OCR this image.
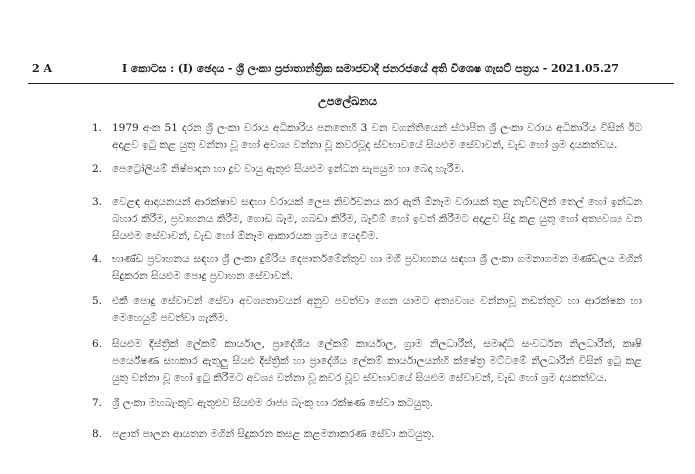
2 A	I කොටස : (I) ඡෙදය - ශ්‍රී ලංකා ප්‍රජාතාන්ත්‍රික සමාජවාදී ජනරජයේ අති විශෙෂ ගැසට් පත්‍රය - 2021.05.27
උපලේඛනය
1. 1979 අංක 51 දරන ශ්‍රී ලංකා වරාය අධිකාරිය පනතෙහි 3 වන වගන්තියෙන් ස්ථාපිත ශ්‍රී ලංකා වරාය අධිකාරිය විසින් ඊට අදාළව ඉටු කළ යුතු වන්නා වූ හෝ අවශ්‍ය වන්නා වූ කවරවූද ස්වභාවයේ සියළුම සේවාවන්, වැඩ හෝ ශ්‍රම දායකත්වය.
2. පෙට්‍රෝලියම් නිෂ්පාදන හා ද්‍රව වායු ඇතුළු සියළුම ඉන්ධන සැපයුම හා බෙදා හැරීම.
3. වෙළඳ ආදායනයන් ආරක්ෂාව සඳහා වරායක් ලෙස නිර්වචනය කර ඇති ඕනෑම වරායක් තුළ නැව්වලින් තෙල් හෝ ඉන්ධන බහාර කිරීම, ප්‍රවාහනය කිරීම, ගොඩ බෑම, ගබඩා කිරීම, බෑවීම් හෝ ඉවත් කිරීමට අදාළව සිදු කළ යුතු හෝ අත්‍යවශ්‍ය වන සියළුම සේවාවන්, වැඩ හෝ ඕනෑම ආකාරයක ශ්‍රමය යෙදවීම.
4. භාණ්ඩ ප්‍රවාහනය සඳහා ශ්‍රී ලංකා දුම්රිය දෙපාර්තමේන්තුව හා මගී ප්‍රවාහනය සඳහා ශ්‍රී ලංකා ගමනාගමන මණ්ඩලය මගින් සිදුකරන සියළුම පොදු ප්‍රවාහන සේවාවන්.
5. එකී පොදු සේවාවන් සේවා අවශ්‍යතාවයන් අනුව පවත්වා ගෙන යාමට අත්‍යවශ්‍ය වන්නාවූ නඩත්තුව හා ආරක්ෂක හා මෙහෙයුම් පවත්වා ගැනීම.
6. සියළුම දිස්ත්‍රික් ලේකම් කාර්යාල, ප්‍රාදේශීය ලේකම් කාර්යාල, ග්‍රාම නිලධාරීන්, සමෘද්ධි සංවර්ධන නිලධාරීන්, කෘෂි පර්යේෂණ සහකාර ඇතුලු සියළු දිස්ත්‍රික් හා ප්‍රාදේශීය ලේකම් කාර්යාලයන්හි ක්ෂේත්‍ර මට්ටමේ නිලධාරීන් විසින් ඉටු කළ යුතු වන්නා වූ හෝ ඉටු කිරීමට අවශ්‍ය වන්නා වූ කවර වූව ස්වභාවයේ සියළුම සේවාවන්, වැඩ හෝ ශ්‍රම දායකත්වය.
7. ශ්‍රී ලංකා මහබැංකුව ඇතුළුව සියළුම රාජ්‍ය බැංකු හා රක්ෂණ සේවා කටයුතු.
8. පළාත් පාලන ආයතන මගින් සිදුකරන කසළ කළමනාකරණ සේවා කටයුතු.
